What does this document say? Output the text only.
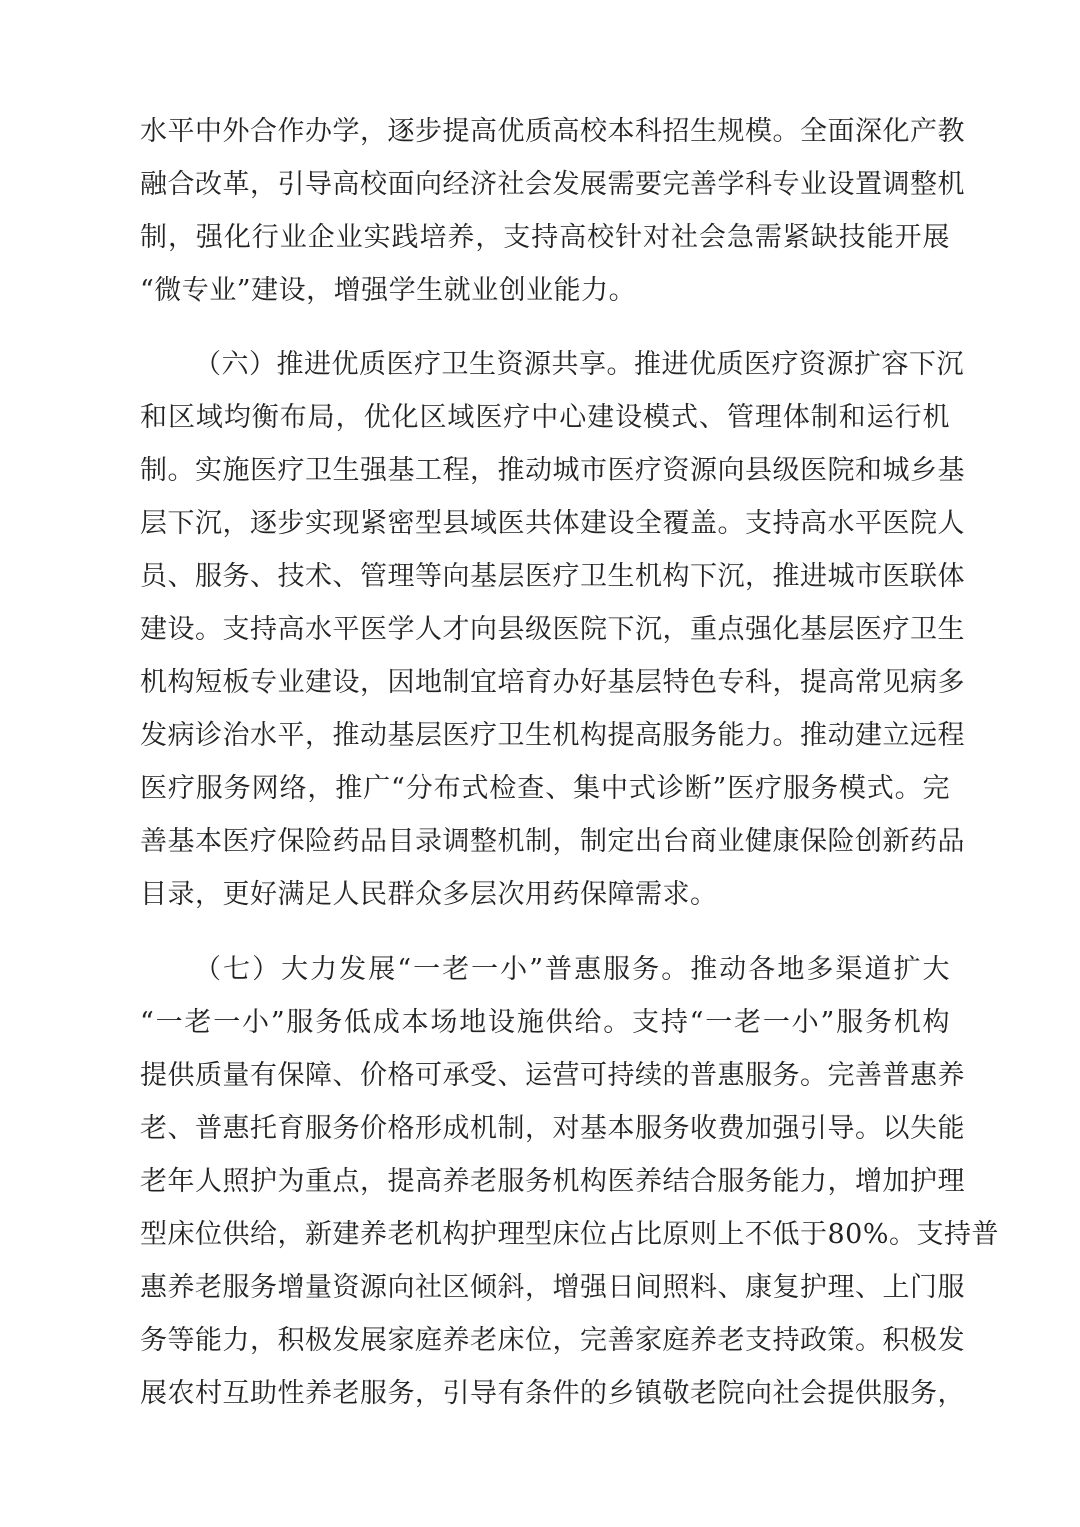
水平中外合作办学，逐步提高优质高校本科招生规模。全面深化产教
融合改革，引导高校面向经济社会发展需要完善学科专业设置调整机
制，强化行业企业实践培养，支持高校针对社会急需紧缺技能开展
“微专业”建设，增强学生就业创业能力。
（六）推进优质医疗卫生资源共享。推进优质医疗资源扩容下沉
和区域均衡布局，优化区域医疗中心建设模式、管理体制和运行机
制。实施医疗卫生强基工程，推动城市医疗资源向县级医院和城乡基
层下沉，逐步实现紧密型县域医共体建设全覆盖。支持高水平医院人
员、服务、技术、管理等向基层医疗卫生机构下沉，推进城市医联体
建设。支持高水平医学人才向县级医院下沉，重点强化基层医疗卫生
机构短板专业建设，因地制宜培育办好基层特色专科，提高常见病多
发病诊治水平，推动基层医疗卫生机构提高服务能力。推动建立远程
医疗服务网络，推广“分布式检查、集中式诊断”医疗服务模式。完
善基本医疗保险药品目录调整机制，制定出台商业健康保险创新药品
目录，更好满足人民群众多层次用药保障需求。
（七）大力发展“一老一小”普惠服务。推动各地多渠道扩大
“一老一小”服务低成本场地设施供给。支持“一老一小”服务机构
提供质量有保障、价格可承受、运营可持续的普惠服务。完善普惠养
老、普惠托育服务价格形成机制，对基本服务收费加强引导。以失能
老年人照护为重点，提高养老服务机构医养结合服务能力，增加护理
型床位供给，新建养老机构护理型床位占比原则上不低于80%。支持普
惠养老服务增量资源向社区倾斜，增强日间照料、康复护理、上门服
务等能力，积极发展家庭养老床位，完善家庭养老支持政策。积极发
展农村互助性养老服务，引导有条件的乡镇敬老院向社会提供服务，
